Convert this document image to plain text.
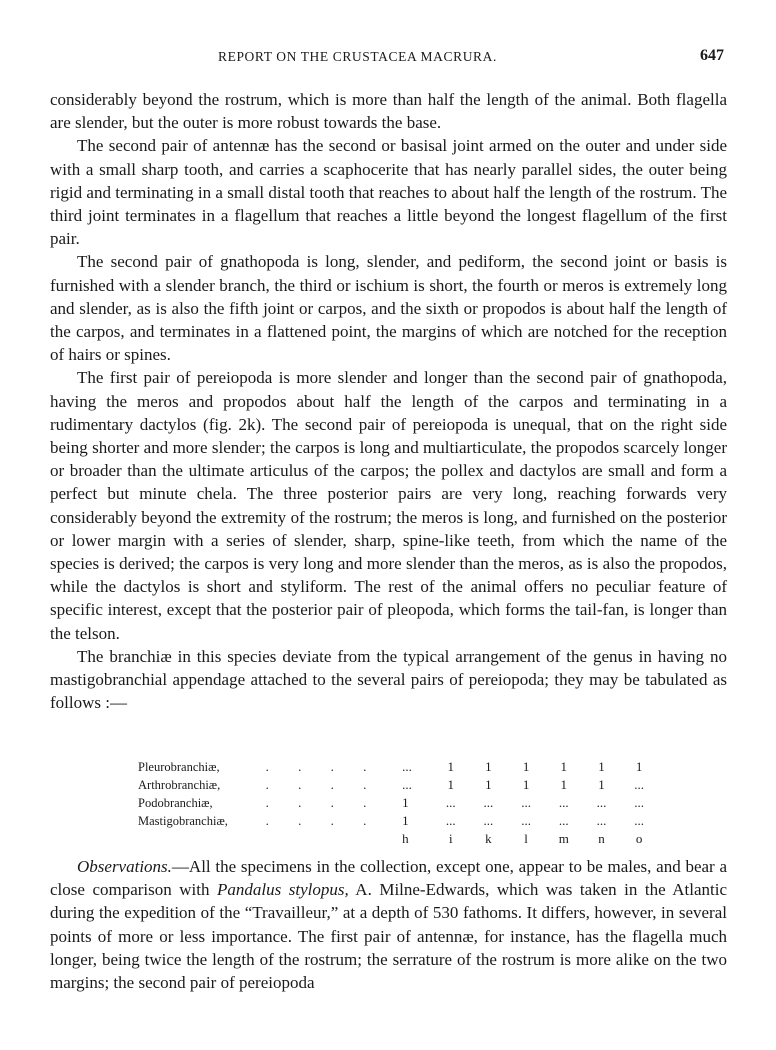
REPORT ON THE CRUSTACEA MACRURA.	647

considerably beyond the rostrum, which is more than half the length of the animal. Both flagella are slender, but the outer is more robust towards the base.

The second pair of antennæ has the second or basisal joint armed on the outer and under side with a small sharp tooth, and carries a scaphocerite that has nearly parallel sides, the outer being rigid and terminating in a small distal tooth that reaches to about half the length of the rostrum. The third joint terminates in a flagellum that reaches a little beyond the longest flagellum of the first pair.

The second pair of gnathopoda is long, slender, and pediform, the second joint or basis is furnished with a slender branch, the third or ischium is short, the fourth or meros is extremely long and slender, as is also the fifth joint or carpos, and the sixth or propodos is about half the length of the carpos, and terminates in a flattened point, the margins of which are notched for the reception of hairs or spines.

The first pair of pereiopoda is more slender and longer than the second pair of gnathopoda, having the meros and propodos about half the length of the carpos and terminating in a rudimentary dactylos (fig. 2k). The second pair of pereiopoda is unequal, that on the right side being shorter and more slender; the carpos is long and multiarticulate, the propodos scarcely longer or broader than the ultimate articulus of the carpos; the pollex and dactylos are small and form a perfect but minute chela. The three posterior pairs are very long, reaching forwards very considerably beyond the extremity of the rostrum; the meros is long, and furnished on the posterior or lower margin with a series of slender, sharp, spine-like teeth, from which the name of the species is derived; the carpos is very long and more slender than the meros, as is also the propodos, while the dactylos is short and styliform. The rest of the animal offers no peculiar feature of specific interest, except that the posterior pair of pleopoda, which forms the tail-fan, is longer than the telson.

The branchiæ in this species deviate from the typical arrangement of the genus in having no mastigobranchial appendage attached to the several pairs of pereiopoda; they may be tabulated as follows :—

Pleurobranchiæ,	. . . .	...	1	1	1	1	1	1
Arthrobranchiæ,	. . . .	...	1	1	1	1	1	...
Podobranchiæ,	. . . .	1	...	...	...	...	...	...
Mastigobranchiæ,	. . . .	1	...	...	...	...	...	...
		h	i	k	l	m	n	o

Observations.—All the specimens in the collection, except one, appear to be males, and bear a close comparison with Pandalus stylopus, A. Milne-Edwards, which was taken in the Atlantic during the expedition of the “Travailleur,” at a depth of 530 fathoms. It differs, however, in several points of more or less importance. The first pair of antennæ, for instance, has the flagella much longer, being twice the length of the rostrum; the serrature of the rostrum is more alike on the two margins; the second pair of pereiopoda
